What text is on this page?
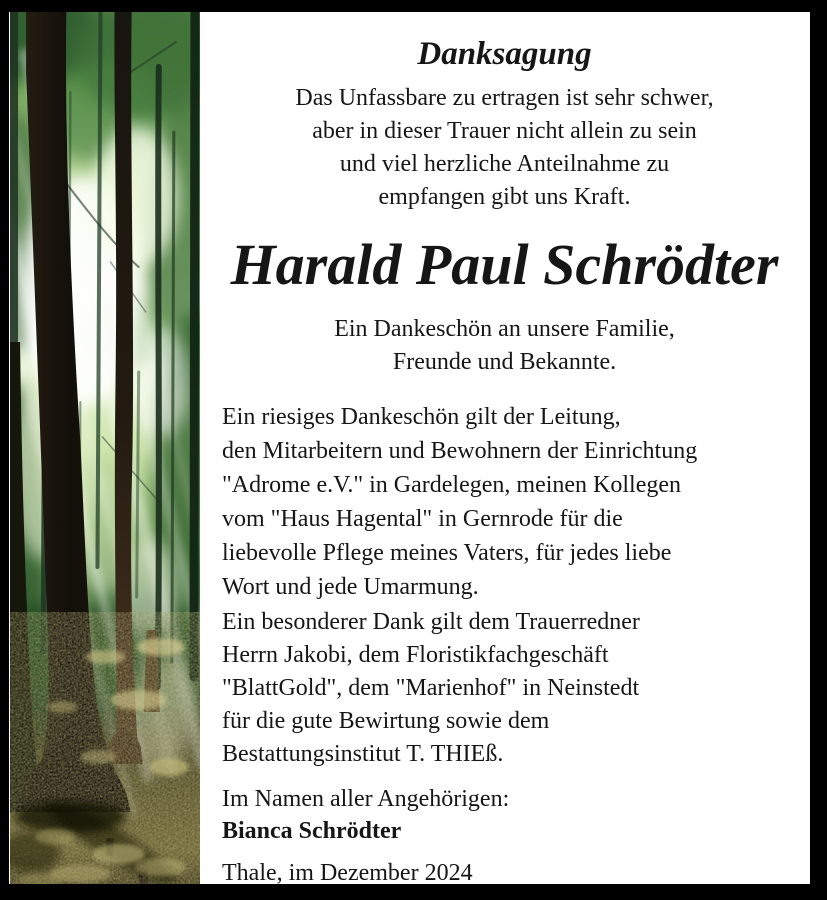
Danksagung
Das Unfassbare zu ertragen ist sehr schwer,
aber in dieser Trauer nicht allein zu sein
und viel herzliche Anteilnahme zu
empfangen gibt uns Kraft.
Harald Paul Schrödter
Ein Dankeschön an unsere Familie,
Freunde und Bekannte.
Ein riesiges Dankeschön gilt der Leitung,
den Mitarbeitern und Bewohnern der Einrichtung
"Adrome e.V." in Gardelegen, meinen Kollegen
vom "Haus Hagental" in Gernrode für die
liebevolle Pflege meines Vaters, für jedes liebe
Wort und jede Umarmung.
Ein besonderer Dank gilt dem Trauerredner
Herrn Jakobi, dem Floristikfachgeschäft
"BlattGold", dem "Marienhof" in Neinstedt
für die gute Bewirtung sowie dem
Bestattungsinstitut T. THIEß.
Im Namen aller Angehörigen:
Bianca Schrödter
Thale, im Dezember 2024
